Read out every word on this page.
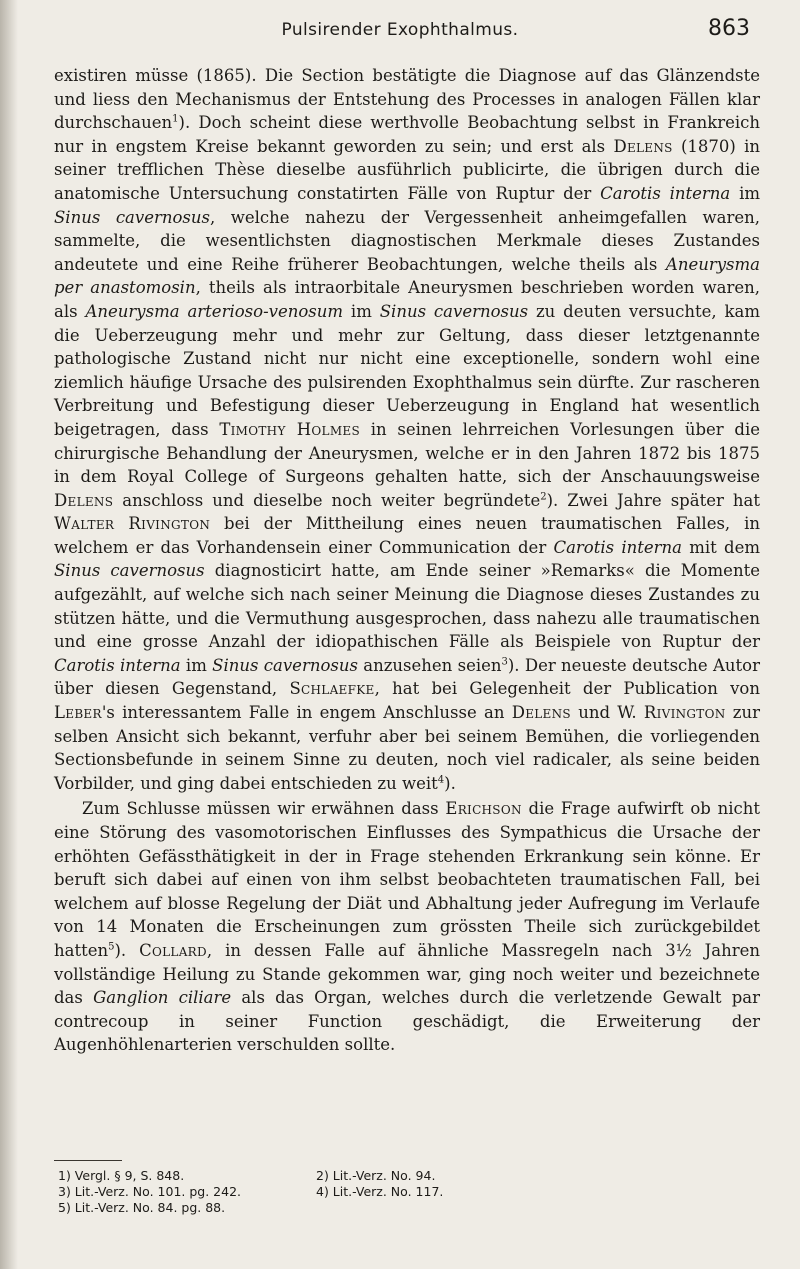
Pulsirender Exophthalmus.	863

existiren müsse (1865). Die Section bestätigte die Diagnose auf das Glänzendste und liess den Mechanismus der Entstehung des Processes in analogen Fällen klar durchschauen$^1$). Doch scheint diese werthvolle Beobachtung selbst in Frankreich nur in engstem Kreise bekannt geworden zu sein; und erst als Delens (1870) in seiner trefflichen Thèse dieselbe ausführlich publicirte, die übrigen durch die anatomische Untersuchung constatirten Fälle von Ruptur der Carotis interna im Sinus cavernosus, welche nahezu der Vergessenheit anheimgefallen waren, sammelte, die wesentlichsten diagnostischen Merkmale dieses Zustandes andeutete und eine Reihe früherer Beobachtungen, welche theils als Aneurysma per anastomosin, theils als intraorbitale Aneurysmen beschrieben worden waren, als Aneurysma arterioso-venosum im Sinus cavernosus zu deuten versuchte, kam die Ueberzeugung mehr und mehr zur Geltung, dass dieser letztgenannte pathologische Zustand nicht nur nicht eine exceptionelle, sondern wohl eine ziemlich häufige Ursache des pulsirenden Exophthalmus sein dürfte. Zur rascheren Verbreitung und Befestigung dieser Ueberzeugung in England hat wesentlich beigetragen, dass Timothy Holmes in seinen lehrreichen Vorlesungen über die chirurgische Behandlung der Aneurysmen, welche er in den Jahren 1872 bis 1875 in dem Royal College of Surgeons gehalten hatte, sich der Anschauungsweise Delens anschloss und dieselbe noch weiter begründete$^2$). Zwei Jahre später hat Walter Rivington bei der Mittheilung eines neuen traumatischen Falles, in welchem er das Vorhandensein einer Communication der Carotis interna mit dem Sinus cavernosus diagnosticirt hatte, am Ende seiner »Remarks« die Momente aufgezählt, auf welche sich nach seiner Meinung die Diagnose dieses Zustandes zu stützen hätte, und die Vermuthung ausgesprochen, dass nahezu alle traumatischen und eine grosse Anzahl der idiopathischen Fälle als Beispiele von Ruptur der Carotis interna im Sinus cavernosus anzusehen seien$^3$). Der neueste deutsche Autor über diesen Gegenstand, Schlaefke, hat bei Gelegenheit der Publication von Leber's interessantem Falle in engem Anschlusse an Delens und W. Rivington zur selben Ansicht sich bekannt, verfuhr aber bei seinem Bemühen, die vorliegenden Sectionsbefunde in seinem Sinne zu deuten, noch viel radicaler, als seine beiden Vorbilder, und ging dabei entschieden zu weit$^4$).

Zum Schlusse müssen wir erwähnen dass Erichson die Frage aufwirft ob nicht eine Störung des vasomotorischen Einflusses des Sympathicus die Ursache der erhöhten Gefässthätigkeit in der in Frage stehenden Erkrankung sein könne. Er beruft sich dabei auf einen von ihm selbst beobachteten traumatischen Fall, bei welchem auf blosse Regelung der Diät und Abhaltung jeder Aufregung im Verlaufe von 14 Monaten die Erscheinungen zum grössten Theile sich zurückgebildet hatten$^5$). Collard, in dessen Falle auf ähnliche Massregeln nach 3½ Jahren vollständige Heilung zu Stande gekommen war, ging noch weiter und bezeichnete das Ganglion ciliare als das Organ, welches durch die verletzende Gewalt par contrecoup in seiner Function geschädigt, die Erweiterung der Augenhöhlenarterien verschulden sollte.

1) Vergl. § 9, S. 848.	2) Lit.-Verz. No. 94.
3) Lit.-Verz. No. 101. pg. 242.	4) Lit.-Verz. No. 117.
5) Lit.-Verz. No. 84. pg. 88.
